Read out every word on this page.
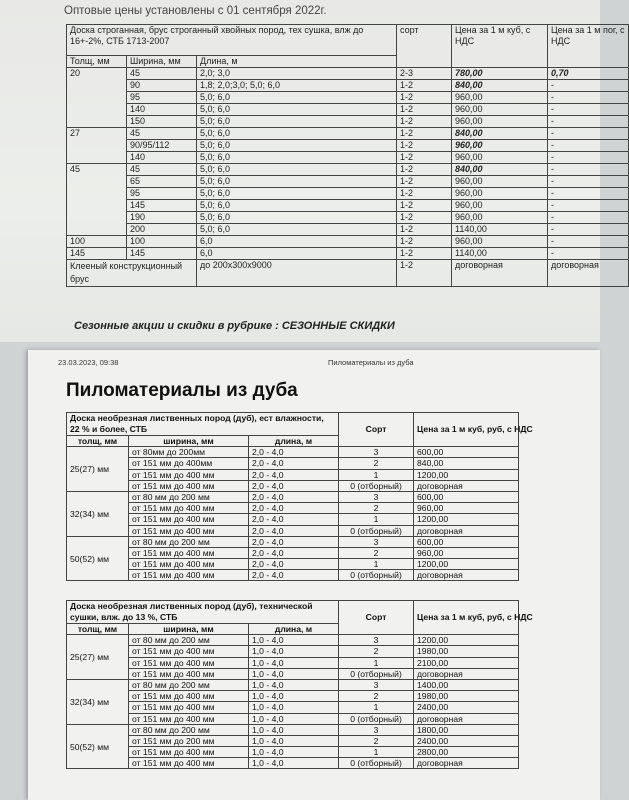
Оптовые цены установлены с 01 сентября 2022г.
Доска строганная, брус строганный хвойных пород, тех сушка, влж до 16+-2%, СТБ 1713-2007			сорт	Цена за 1 м куб, с НДС	Цена за 1 м пог, с НДС
Толщ, мм	Ширина, мм	Длина, м			
20	45	2,0; 3,0	2-3	780,00	0,70
	90	1,8; 2,0;3,0; 5,0; 6,0	1-2	840,00	-
	95	5,0; 6,0	1-2	960,00	-
	140	5,0; 6,0	1-2	960,00	-
	150	5,0; 6,0	1-2	960,00	-
27	45	5,0; 6,0	1-2	840,00	-
	90/95/112	5,0; 6,0	1-2	960,00	-
	140	5,0; 6,0	1-2	960,00	-
45	45	5,0; 6,0	1-2	840,00	-
	65	5,0; 6,0	1-2	960,00	-
	95	5,0; 6,0	1-2	960,00	-
	145	5,0; 6,0	1-2	960,00	-
	190	5,0; 6,0	1-2	960,00	-
	200	5,0; 6,0	1-2	1140,00	-
100	100	6,0	1-2	960,00	-
145	145	6,0	1-2	1140,00	-
Клееный конструкционный брус		до 200х300х9000	1-2	договорная	договорная
Сезонные акции и скидки в рубрике : СЕЗОННЫЕ СКИДКИ
23.03.2023, 09:38	Пиломатериалы из дуба
Пиломатериалы из дуба
Доска необрезная лиственных пород (дуб), ест влажности, 22 % и более, СТБ			Сорт	Цена за 1 м куб, руб, с НДС
толщ, мм	ширина, мм	длина, м		
25(27) мм	от 80мм до 200мм	2,0 - 4,0	3	600,00
	от 151 мм до 400мм	2,0 - 4,0	2	840,00
	от 151 мм до 400 мм	2,0 - 4,0	1	1200,00
	от 151 мм до 400 мм	2,0 - 4,0	0 (отборный)	договорная
32(34) мм	от 80 мм до 200 мм	2,0 - 4,0	3	600,00
	от 151 мм до 400 мм	2,0 - 4,0	2	960,00
	от 151 мм до 400 мм	2,0 - 4,0	1	1200,00
	от 151 мм до 400 мм	2,0 - 4,0	0 (отборный)	договорная
50(52) мм	от 80 мм до 200 мм	2,0 - 4,0	3	600,00
	от 151 мм до 400 мм	2,0 - 4,0	2	960,00
	от 151 мм до 400 мм	2,0 - 4,0	1	1200,00
	от 151 мм до 400 мм	2,0 - 4,0	0 (отборный)	договорная
Доска необрезная лиственных пород (дуб), технической сушки, влж. до 13 %, СТБ			Сорт	Цена за 1 м куб, руб, с НДС
толщ, мм	ширина, мм	длина, м		
25(27) мм	от 80 мм до 200 мм	1,0 - 4,0	3	1200,00
	от 151 мм до 400 мм	1,0 - 4,0	2	1980,00
	от 151 мм до 400 мм	1,0 - 4,0	1	2100,00
	от 151 мм до 400 мм	1,0 - 4,0	0 (отборный)	договорная
32(34) мм	от 80 мм до 200 мм	1,0 - 4,0	3	1400,00
	от 151 мм до 400 мм	1,0 - 4,0	2	1980,00
	от 151 мм до 400 мм	1,0 - 4,0	1	2400,00
	от 151 мм до 400 мм	1,0 - 4,0	0 (отборный)	договорная
50(52) мм	от 80 мм до 200 мм	1,0 - 4,0	3	1800,00
	от 151 мм до 200 мм	1,0 - 4,0	2	2400,00
	от 151 мм до 400 мм	1,0 - 4,0	1	2800,00
	от 151 мм до 400 мм	1,0 - 4,0	0 (отборный)	договорная
